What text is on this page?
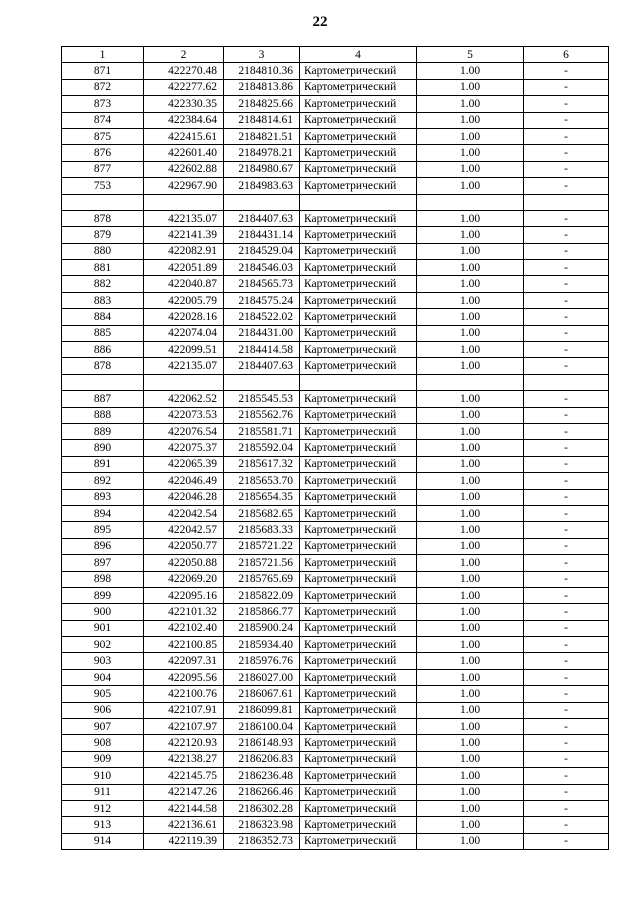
22
1	2	3	4	5	6
871	422270.48	2184810.36	Картометрический	1.00	-
872	422277.62	2184813.86	Картометрический	1.00	-
873	422330.35	2184825.66	Картометрический	1.00	-
874	422384.64	2184814.61	Картометрический	1.00	-
875	422415.61	2184821.51	Картометрический	1.00	-
876	422601.40	2184978.21	Картометрический	1.00	-
877	422602.88	2184980.67	Картометрический	1.00	-
753	422967.90	2184983.63	Картометрический	1.00	-

878	422135.07	2184407.63	Картометрический	1.00	-
879	422141.39	2184431.14	Картометрический	1.00	-
880	422082.91	2184529.04	Картометрический	1.00	-
881	422051.89	2184546.03	Картометрический	1.00	-
882	422040.87	2184565.73	Картометрический	1.00	-
883	422005.79	2184575.24	Картометрический	1.00	-
884	422028.16	2184522.02	Картометрический	1.00	-
885	422074.04	2184431.00	Картометрический	1.00	-
886	422099.51	2184414.58	Картометрический	1.00	-
878	422135.07	2184407.63	Картометрический	1.00	-

887	422062.52	2185545.53	Картометрический	1.00	-
888	422073.53	2185562.76	Картометрический	1.00	-
889	422076.54	2185581.71	Картометрический	1.00	-
890	422075.37	2185592.04	Картометрический	1.00	-
891	422065.39	2185617.32	Картометрический	1.00	-
892	422046.49	2185653.70	Картометрический	1.00	-
893	422046.28	2185654.35	Картометрический	1.00	-
894	422042.54	2185682.65	Картометрический	1.00	-
895	422042.57	2185683.33	Картометрический	1.00	-
896	422050.77	2185721.22	Картометрический	1.00	-
897	422050.88	2185721.56	Картометрический	1.00	-
898	422069.20	2185765.69	Картометрический	1.00	-
899	422095.16	2185822.09	Картометрический	1.00	-
900	422101.32	2185866.77	Картометрический	1.00	-
901	422102.40	2185900.24	Картометрический	1.00	-
902	422100.85	2185934.40	Картометрический	1.00	-
903	422097.31	2185976.76	Картометрический	1.00	-
904	422095.56	2186027.00	Картометрический	1.00	-
905	422100.76	2186067.61	Картометрический	1.00	-
906	422107.91	2186099.81	Картометрический	1.00	-
907	422107.97	2186100.04	Картометрический	1.00	-
908	422120.93	2186148.93	Картометрический	1.00	-
909	422138.27	2186206.83	Картометрический	1.00	-
910	422145.75	2186236.48	Картометрический	1.00	-
911	422147.26	2186266.46	Картометрический	1.00	-
912	422144.58	2186302.28	Картометрический	1.00	-
913	422136.61	2186323.98	Картометрический	1.00	-
914	422119.39	2186352.73	Картометрический	1.00	-
